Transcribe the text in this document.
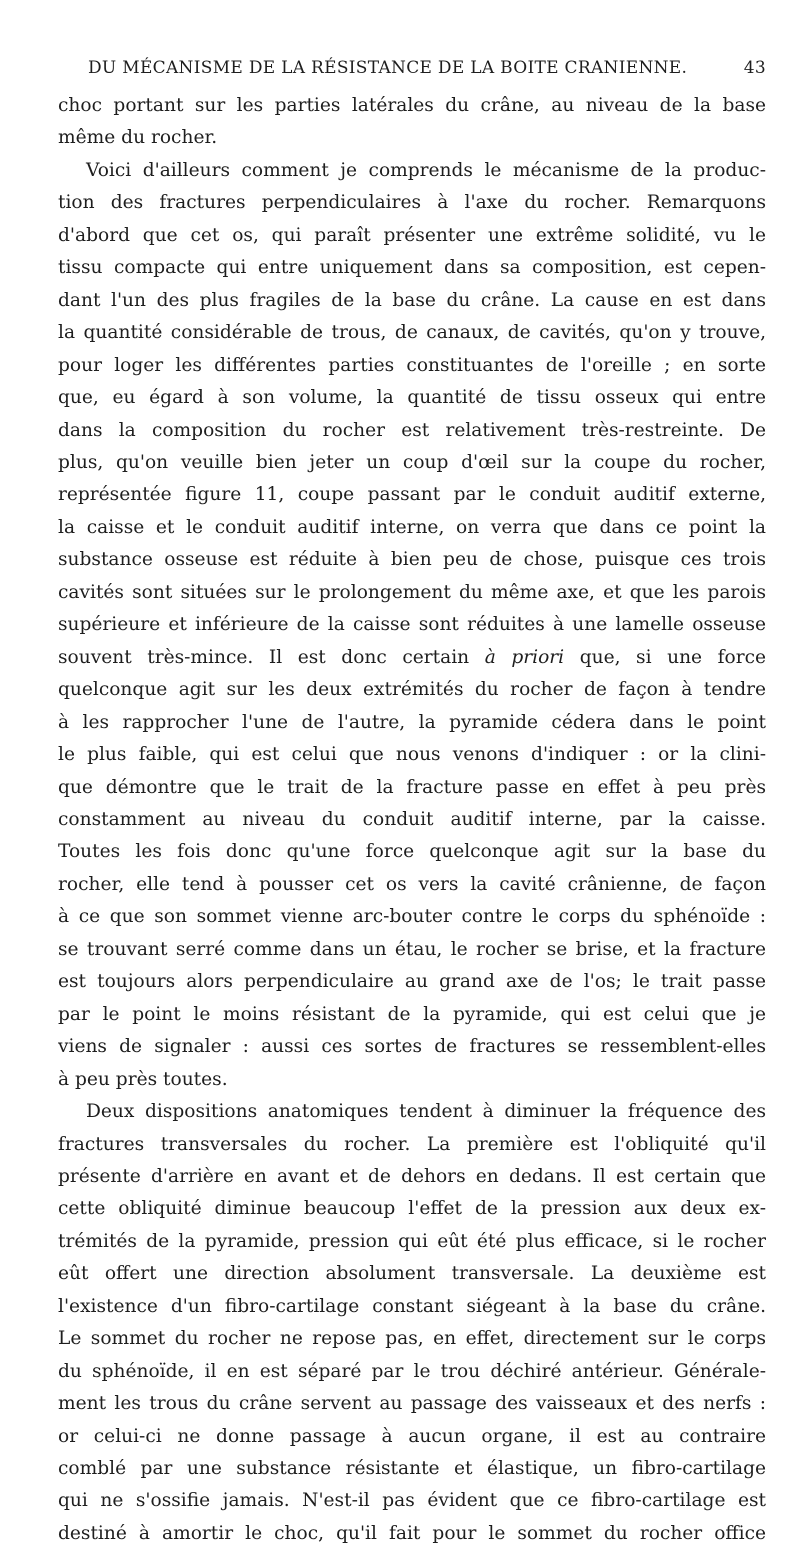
DU MÉCANISME DE LA RÉSISTANCE DE LA BOITE CRANIENNE.	43
choc portant sur les parties latérales du crâne, au niveau de la base
même du rocher.
Voici d'ailleurs comment je comprends le mécanisme de la produc-
tion des fractures perpendiculaires à l'axe du rocher. Remarquons
d'abord que cet os, qui paraît présenter une extrême solidité, vu le
tissu compacte qui entre uniquement dans sa composition, est cepen-
dant l'un des plus fragiles de la base du crâne. La cause en est dans
la quantité considérable de trous, de canaux, de cavités, qu'on y trouve,
pour loger les différentes parties constituantes de l'oreille ; en sorte
que, eu égard à son volume, la quantité de tissu osseux qui entre
dans la composition du rocher est relativement très-restreinte. De
plus, qu'on veuille bien jeter un coup d'œil sur la coupe du rocher,
représentée figure 11, coupe passant par le conduit auditif externe,
la caisse et le conduit auditif interne, on verra que dans ce point la
substance osseuse est réduite à bien peu de chose, puisque ces trois
cavités sont situées sur le prolongement du même axe, et que les parois
supérieure et inférieure de la caisse sont réduites à une lamelle osseuse
souvent très-mince. Il est donc certain à priori que, si une force
quelconque agit sur les deux extrémités du rocher de façon à tendre
à les rapprocher l'une de l'autre, la pyramide cédera dans le point
le plus faible, qui est celui que nous venons d'indiquer : or la clini-
que démontre que le trait de la fracture passe en effet à peu près
constamment au niveau du conduit auditif interne, par la caisse.
Toutes les fois donc qu'une force quelconque agit sur la base du
rocher, elle tend à pousser cet os vers la cavité crânienne, de façon
à ce que son sommet vienne arc-bouter contre le corps du sphénoïde :
se trouvant serré comme dans un étau, le rocher se brise, et la fracture
est toujours alors perpendiculaire au grand axe de l'os; le trait passe
par le point le moins résistant de la pyramide, qui est celui que je
viens de signaler : aussi ces sortes de fractures se ressemblent-elles
à peu près toutes.
Deux dispositions anatomiques tendent à diminuer la fréquence des
fractures transversales du rocher. La première est l'obliquité qu'il
présente d'arrière en avant et de dehors en dedans. Il est certain que
cette obliquité diminue beaucoup l'effet de la pression aux deux ex-
trémités de la pyramide, pression qui eût été plus efficace, si le rocher
eût offert une direction absolument transversale. La deuxième est
l'existence d'un fibro-cartilage constant siégeant à la base du crâne.
Le sommet du rocher ne repose pas, en effet, directement sur le corps
du sphénoïde, il en est séparé par le trou déchiré antérieur. Générale-
ment les trous du crâne servent au passage des vaisseaux et des nerfs :
or celui-ci ne donne passage à aucun organe, il est au contraire
comblé par une substance résistante et élastique, un fibro-cartilage
qui ne s'ossifie jamais. N'est-il pas évident que ce fibro-cartilage est
destiné à amortir le choc, qu'il fait pour le sommet du rocher office
